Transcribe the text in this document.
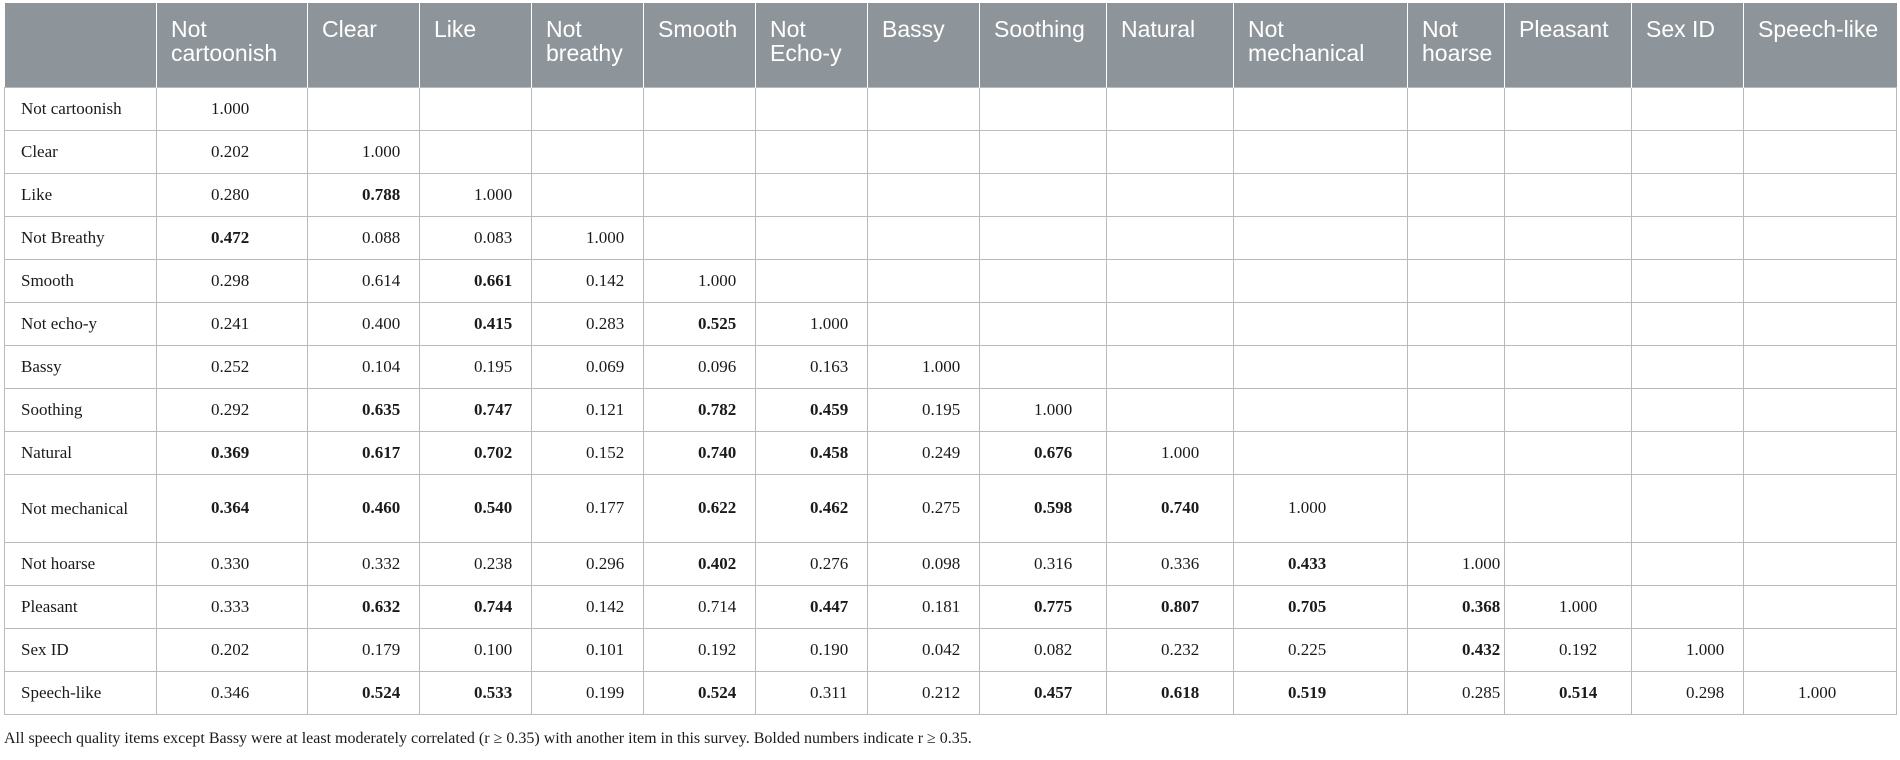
	Not cartoonish	Clear	Like	Not breathy	Smooth	Not Echo-y	Bassy	Soothing	Natural	Not mechanical	Not hoarse	Pleasant	Sex ID	Speech-like
Not cartoonish	1.000													
Clear	0.202	1.000												
Like	0.280	0.788	1.000											
Not Breathy	0.472	0.088	0.083	1.000										
Smooth	0.298	0.614	0.661	0.142	1.000									
Not echo-y	0.241	0.400	0.415	0.283	0.525	1.000								
Bassy	0.252	0.104	0.195	0.069	0.096	0.163	1.000							
Soothing	0.292	0.635	0.747	0.121	0.782	0.459	0.195	1.000						
Natural	0.369	0.617	0.702	0.152	0.740	0.458	0.249	0.676	1.000					
Not mechanical	0.364	0.460	0.540	0.177	0.622	0.462	0.275	0.598	0.740	1.000				
Not hoarse	0.330	0.332	0.238	0.296	0.402	0.276	0.098	0.316	0.336	0.433	1.000			
Pleasant	0.333	0.632	0.744	0.142	0.714	0.447	0.181	0.775	0.807	0.705	0.368	1.000		
Sex ID	0.202	0.179	0.100	0.101	0.192	0.190	0.042	0.082	0.232	0.225	0.432	0.192	1.000	
Speech-like	0.346	0.524	0.533	0.199	0.524	0.311	0.212	0.457	0.618	0.519	0.285	0.514	0.298	1.000

All speech quality items except Bassy were at least moderately correlated (r ≥ 0.35) with another item in this survey. Bolded numbers indicate r ≥ 0.35.
